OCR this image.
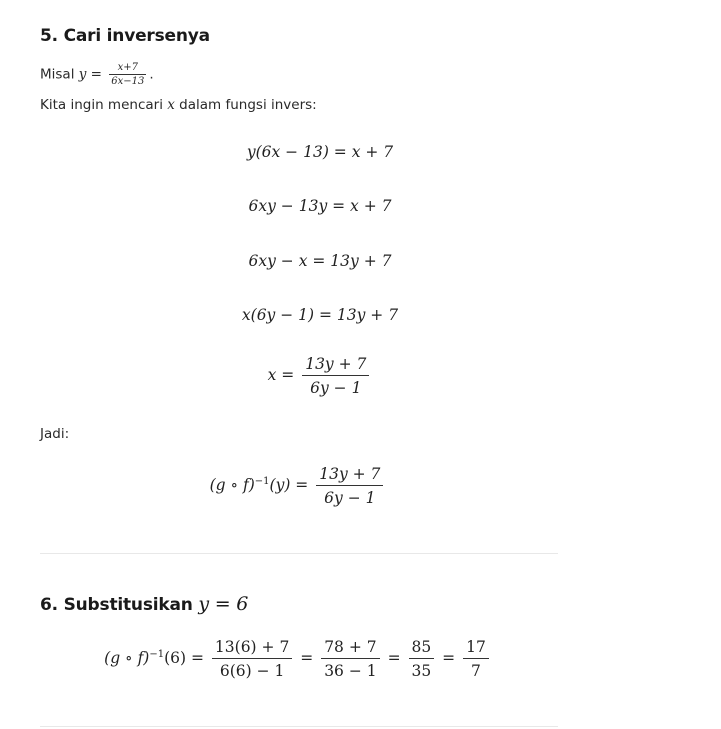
5. Cari inversenya

Misal $y = \frac{x+7}{6x-13}$ .

Kita ingin mencari x dalam fungsi invers:

y(6x − 13) = x + 7
6xy − 13y = x + 7
6xy − x = 13y + 7
x(6y − 1) = 13y + 7
$x = \frac{13y + 7}{6y - 1}$

Jadi:

(g ∘ $f)^{-1}(y) = \frac{13y + 7}{6y - 1}$
6. Substitusikan y = 6
(g ∘ $f)^{-1}(6) = \frac{13(6) + 7}{6(6) - 1} = \frac{78 + 7}{36 - 1} = \frac{85}{35} = \frac{17}{7}$
